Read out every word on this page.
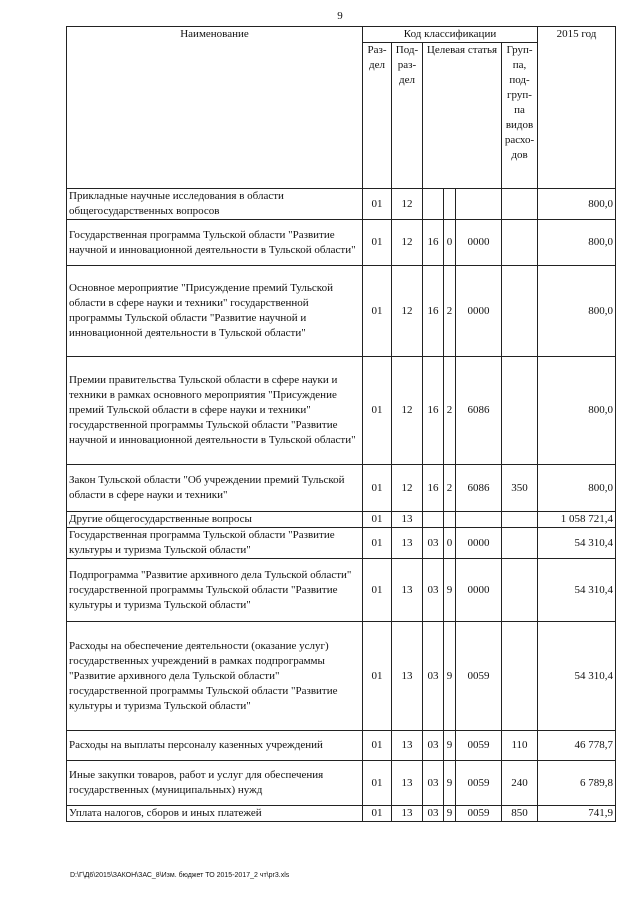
9
Наименование	Код классификации						2015 год
	Раз- дел	Под- раз- дел	Целевая статья			Груп- па, под- груп- па видов расхо- дов	
Прикладные научные исследования в области общегосударственных вопросов	01	12					800,0
Государственная программа Тульской области "Развитие научной и инновационной деятельности в Тульской области"	01	12	16	0	0000		800,0
Основное мероприятие "Присуждение премий Тульской области в сфере науки и техники" государственной программы Тульской области "Развитие научной и инновационной деятельности в Тульской области"	01	12	16	2	0000		800,0
Премии правительства Тульской области в сфере науки и техники в рамках основного мероприятия "Присуждение премий Тульской области в сфере науки и техники" государственной программы Тульской области "Развитие научной и инновационной деятельности в Тульской области"	01	12	16	2	6086		800,0
Закон Тульской области "Об учреждении премий Тульской области в сфере науки и техники"	01	12	16	2	6086	350	800,0
Другие общегосударственные вопросы	01	13					1 058 721,4
Государственная программа Тульской области "Развитие культуры и туризма Тульской области"	01	13	03	0	0000		54 310,4
Подпрограмма "Развитие архивного дела Тульской области" государственной программы Тульской области "Развитие культуры и туризма Тульской области"	01	13	03	9	0000		54 310,4
Расходы на обеспечение деятельности (оказание услуг) государственных учреждений в рамках подпрограммы "Развитие архивного дела Тульской области" государственной программы Тульской области "Развитие культуры и туризма Тульской области"	01	13	03	9	0059		54 310,4
Расходы на выплаты персоналу казенных учреждений	01	13	03	9	0059	110	46 778,7
Иные закупки товаров, работ и услуг для обеспечения государственных (муниципальных) нужд	01	13	03	9	0059	240	6 789,8
Уплата налогов, сборов и иных платежей	01	13	03	9	0059	850	741,9
D:\Г\Д6\2015\ЗАКОН\ЗАС_8\Изм. бюджет ТО 2015-2017_2 чт\pr3.xls
